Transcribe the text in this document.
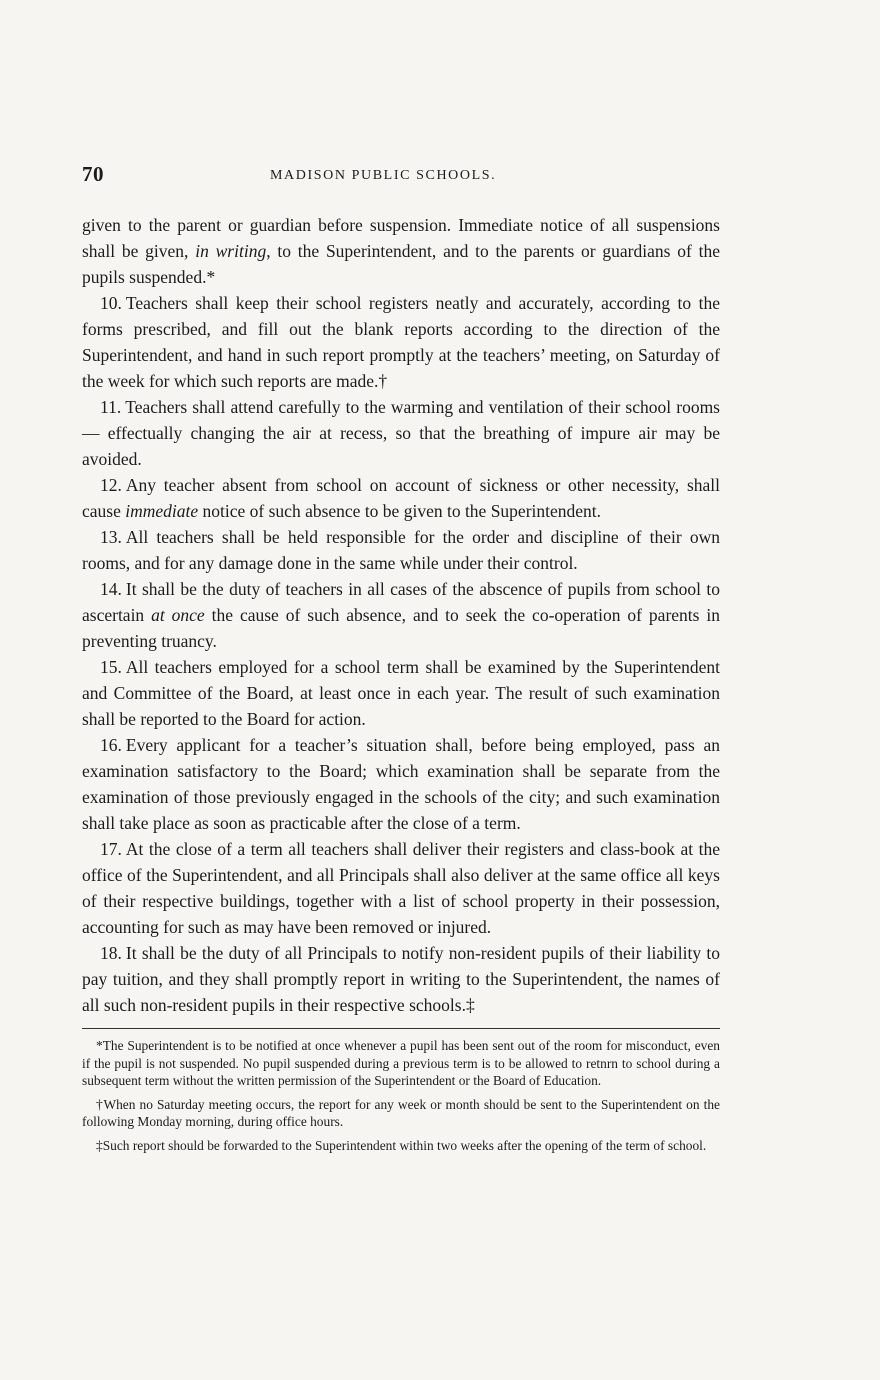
70	MADISON PUBLIC SCHOOLS.

given to the parent or guardian before suspension. Immediate notice of all suspensions shall be given, in writing, to the Superintendent, and to the parents or guardians of the pupils suspended.*

10. Teachers shall keep their school registers neatly and accurately, according to the forms prescribed, and fill out the blank reports according to the direction of the Superintendent, and hand in such report promptly at the teachers’ meeting, on Saturday of the week for which such reports are made.†

11. Teachers shall attend carefully to the warming and ventilation of their school rooms — effectually changing the air at recess, so that the breathing of impure air may be avoided.

12. Any teacher absent from school on account of sickness or other necessity, shall cause immediate notice of such absence to be given to the Superintendent.

13. All teachers shall be held responsible for the order and discipline of their own rooms, and for any damage done in the same while under their control.

14. It shall be the duty of teachers in all cases of the abscence of pupils from school to ascertain at once the cause of such absence, and to seek the co-operation of parents in preventing truancy.

15. All teachers employed for a school term shall be examined by the Superintendent and Committee of the Board, at least once in each year. The result of such examination shall be reported to the Board for action.

16. Every applicant for a teacher’s situation shall, before being employed, pass an examination satisfactory to the Board; which examination shall be separate from the examination of those previously engaged in the schools of the city; and such examination shall take place as soon as practicable after the close of a term.

17. At the close of a term all teachers shall deliver their registers and class-book at the office of the Superintendent, and all Principals shall also deliver at the same office all keys of their respective buildings, together with a list of school property in their possession, accounting for such as may have been removed or injured.

18. It shall be the duty of all Principals to notify non-resident pupils of their liability to pay tuition, and they shall promptly report in writing to the Superintendent, the names of all such non-resident pupils in their respective schools.‡

*The Superintendent is to be notified at once whenever a pupil has been sent out of the room for misconduct, even if the pupil is not suspended. No pupil suspended during a previous term is to be allowed to retnrn to school during a subsequent term without the written permission of the Superintendent or the Board of Education.

†When no Saturday meeting occurs, the report for any week or month should be sent to the Superintendent on the following Monday morning, during office hours.

‡Such report should be forwarded to the Superintendent within two weeks after the opening of the term of school.
